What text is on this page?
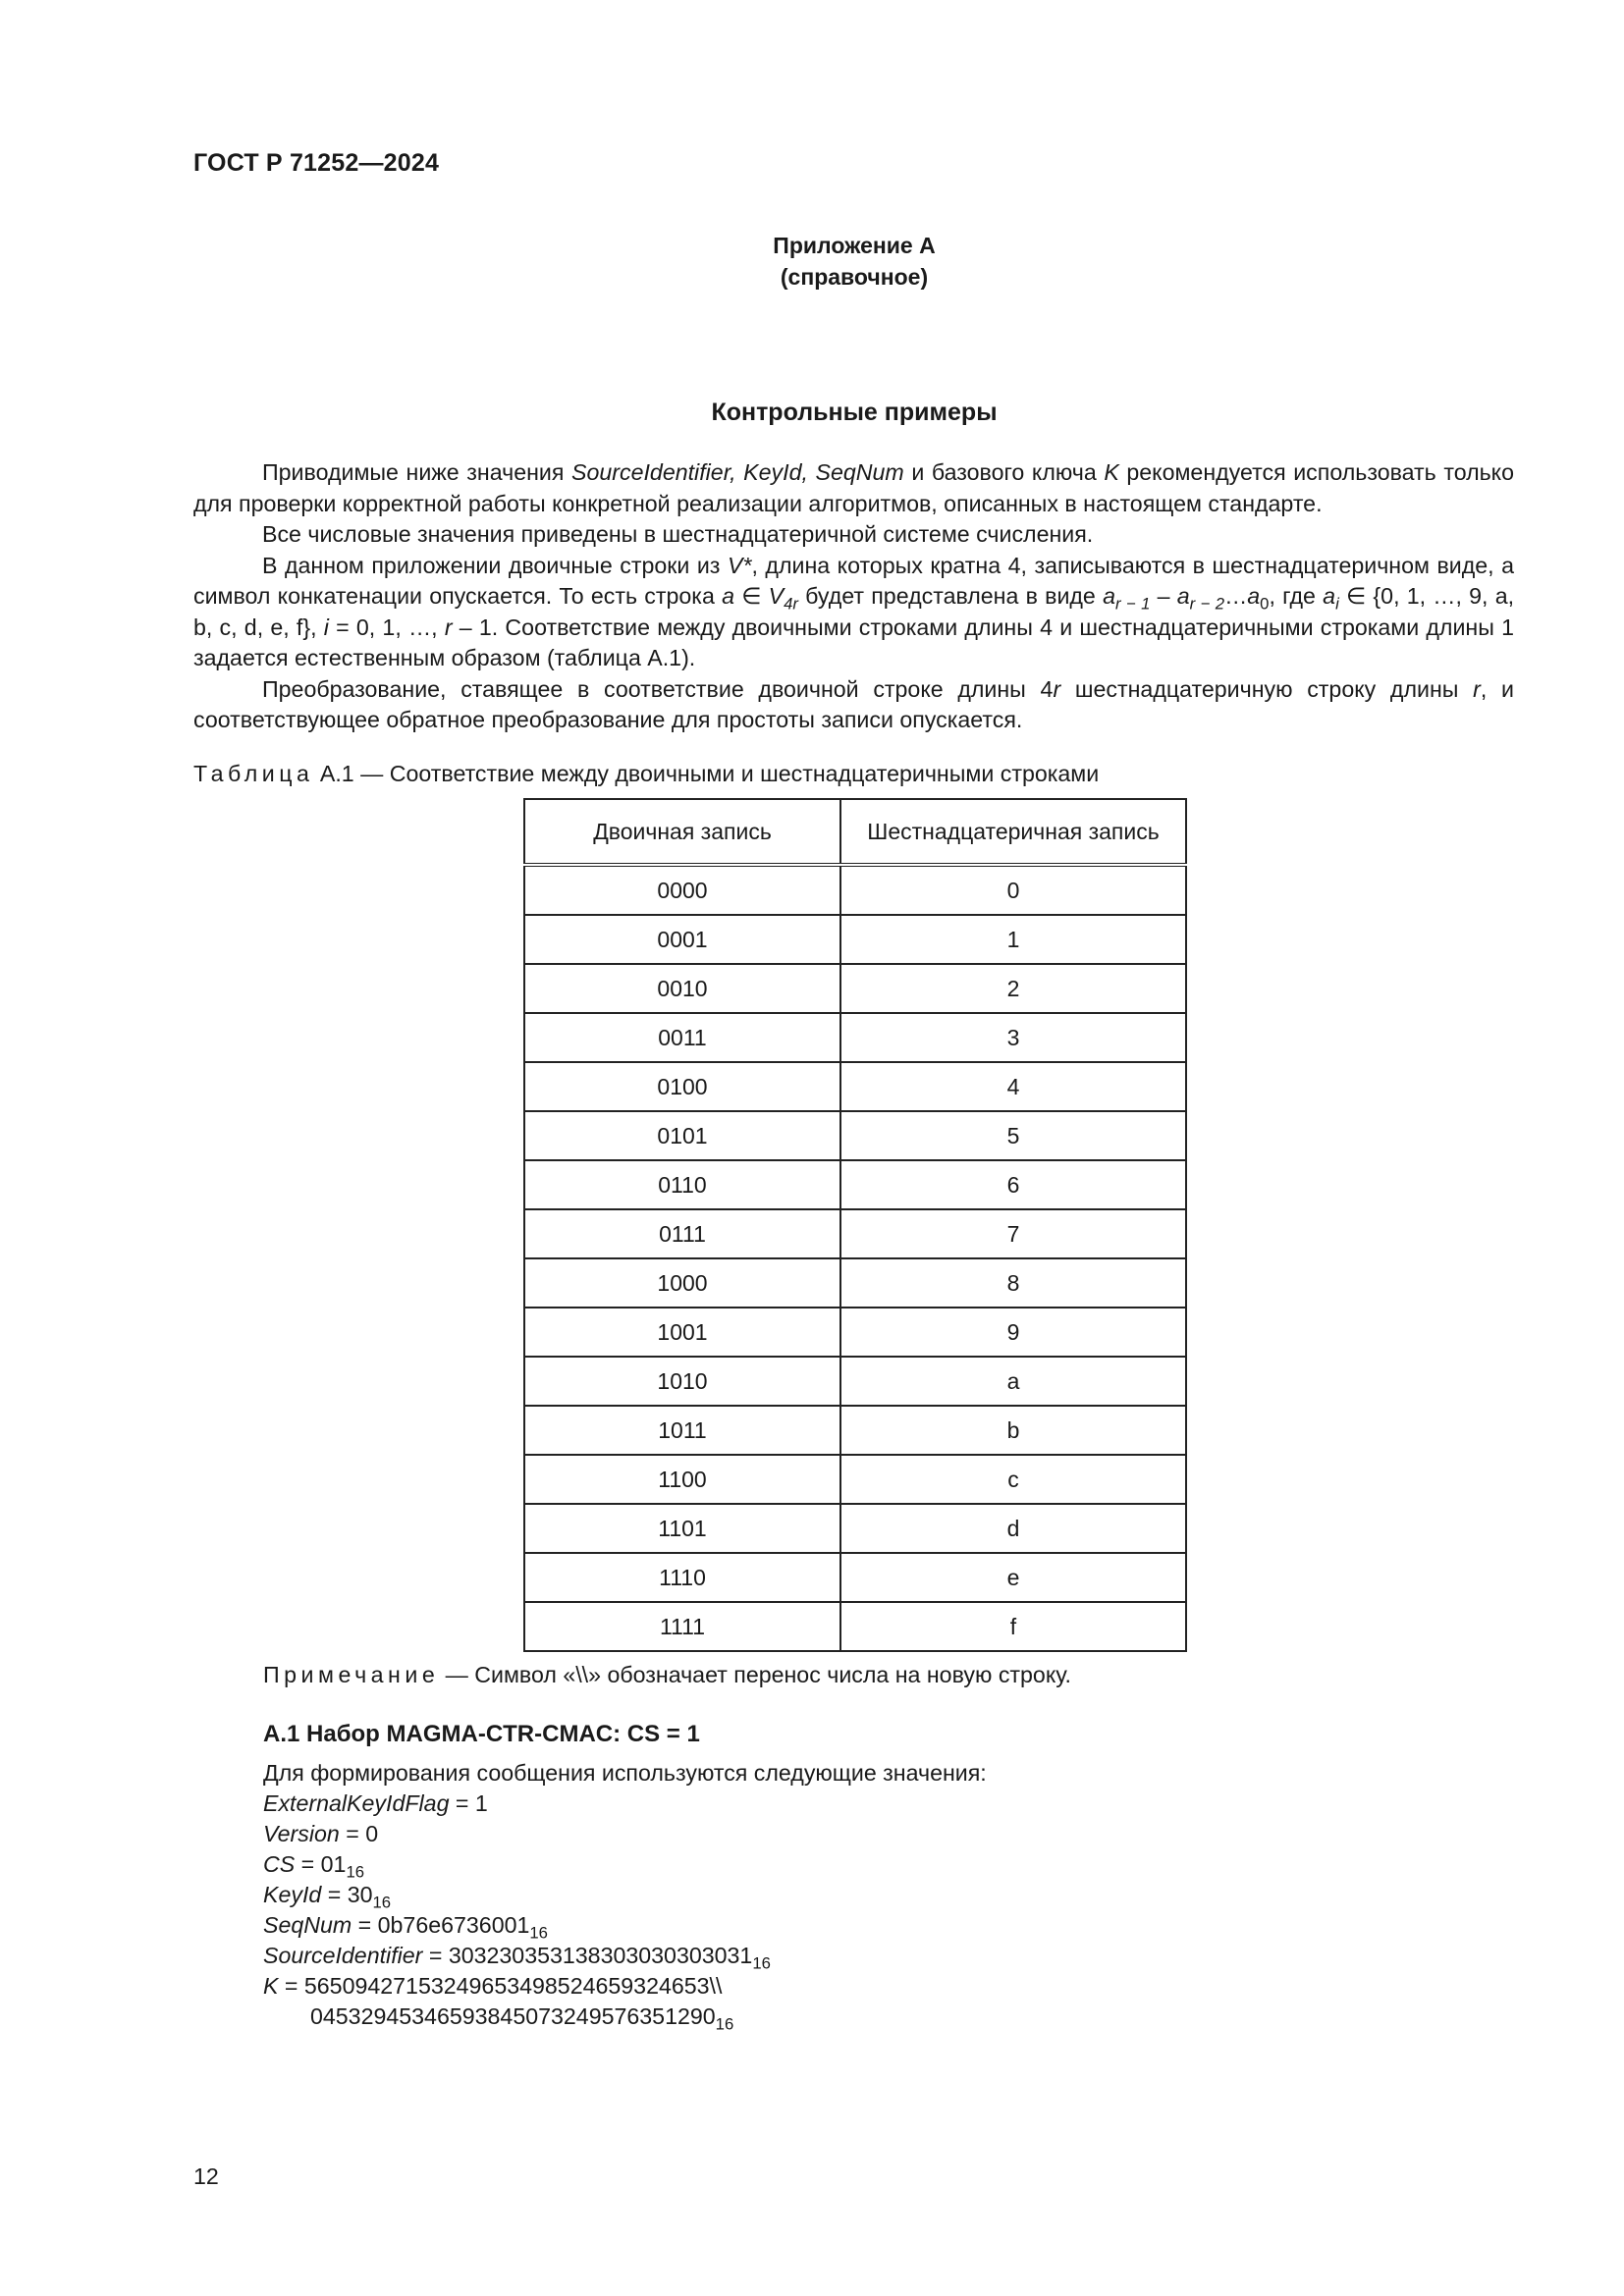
ГОСТ Р 71252—2024
Приложение А
(справочное)
Контрольные примеры

Приводимые ниже значения SourceIdentifier, KeyId, SeqNum и базового ключа K рекомендуется использовать только для проверки корректной работы конкретной реализации алгоритмов, описанных в настоящем стандарте.

Все числовые значения приведены в шестнадцатеричной системе счисления.

В данном приложении двоичные строки из V*, длина которых кратна 4, записываются в шестнадцатеричном виде, а символ конкатенации опускается. То есть строка a ∈ $V_{4r}$ будет представлена в виде $a_{r - 1}$ – $a_{r - 2}\dots a_0$, где $a_i$ ∈ {0, 1, …, 9, a, b, c, d, e, f}, i = 0, 1, …, r – 1. Соответствие между двоичными строками длины 4 и шестнадцатеричными строками длины 1 задается естественным образом (таблица А.1).

Преобразование, ставящее в соответствие двоичной строке длины 4r шестнадцатеричную строку длины r, и соответствующее обратное преобразование для простоты записи опускается.

Таблица А.1 — Соответствие между двоичными и шестнадцатеричными строками
Двоичная запись	Шестнадцатеричная запись
0000	0
0001	1
0010	2
0011	3
0100	4
0101	5
0110	6
0111	7
1000	8
1001	9
1010	a
1011	b
1100	c
1101	d
1110	e
1111	f
Примечание — Символ «\\» обозначает перенос числа на новую строку.
А.1 Набор MAGMA-CTR-CMAC: CS = 1
Для формирования сообщения используются следующие значения:
ExternalKeyIdFlag = 1
Version = 0
CS = $01_{16}$
KeyId = $30_{16}$
SeqNum = $0b76e6736001_{16}$
SourceIdentifier = $303230353138303030303031_{16}$
K = 56509427153249653498524659324653\\
$04532945346593845073249576351290_{16}$
12
